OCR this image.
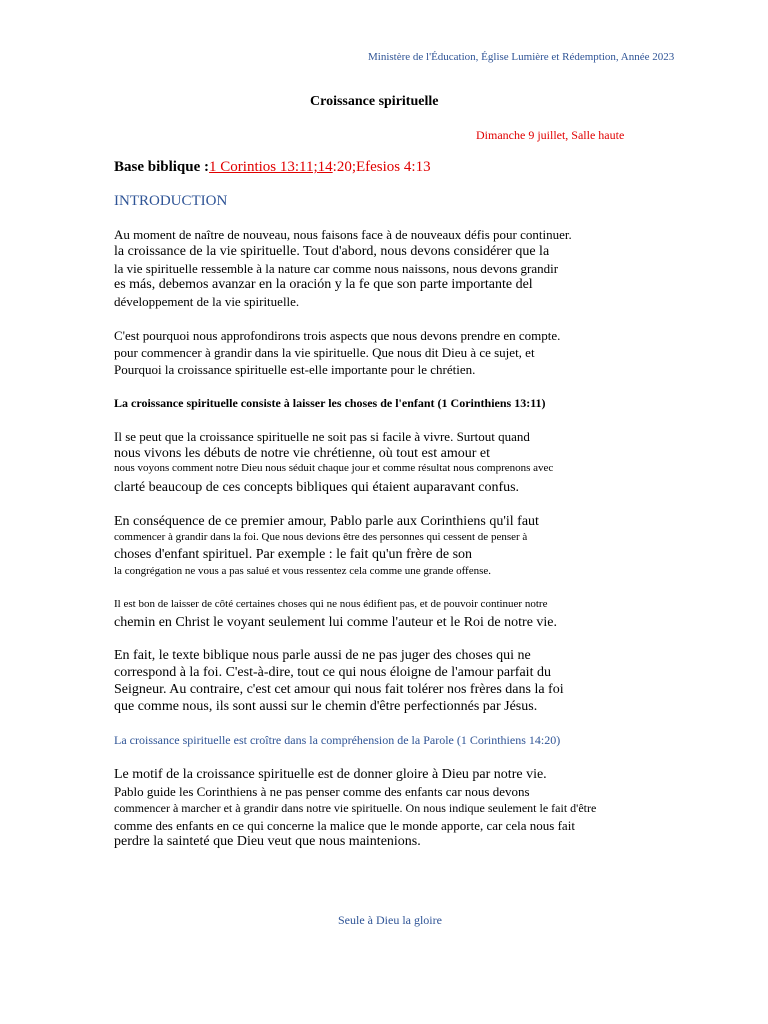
Ministère de l'Éducation, Église Lumière et Rédemption, Année 2023
Croissance spirituelle
Dimanche 9 juillet, Salle haute
Base biblique :1 Corintios 13:11;14:20;Efesios 4:13
INTRODUCTION
Au moment de naître de nouveau, nous faisons face à de nouveaux défis pour continuer.
la croissance de la vie spirituelle. Tout d'abord, nous devons considérer que la
la vie spirituelle ressemble à la nature car comme nous naissons, nous devons grandir
es más, debemos avanzar en la oración y la fe que son parte importante del
développement de la vie spirituelle.
C'est pourquoi nous approfondirons trois aspects que nous devons prendre en compte.
pour commencer à grandir dans la vie spirituelle. Que nous dit Dieu à ce sujet, et
Pourquoi la croissance spirituelle est-elle importante pour le chrétien.
La croissance spirituelle consiste à laisser les choses de l'enfant (1 Corinthiens 13:11)
Il se peut que la croissance spirituelle ne soit pas si facile à vivre. Surtout quand
nous vivons les débuts de notre vie chrétienne, où tout est amour et
nous voyons comment notre Dieu nous séduit chaque jour et comme résultat nous comprenons avec
clarté beaucoup de ces concepts bibliques qui étaient auparavant confus.
En conséquence de ce premier amour, Pablo parle aux Corinthiens qu'il faut
commencer à grandir dans la foi. Que nous devions être des personnes qui cessent de penser à
choses d'enfant spirituel. Par exemple : le fait qu'un frère de son
la congrégation ne vous a pas salué et vous ressentez cela comme une grande offense.
Il est bon de laisser de côté certaines choses qui ne nous édifient pas, et de pouvoir continuer notre
chemin en Christ le voyant seulement lui comme l'auteur et le Roi de notre vie.
En fait, le texte biblique nous parle aussi de ne pas juger des choses qui ne
correspond à la foi. C'est-à-dire, tout ce qui nous éloigne de l'amour parfait du
Seigneur. Au contraire, c'est cet amour qui nous fait tolérer nos frères dans la foi
que comme nous, ils sont aussi sur le chemin d'être perfectionnés par Jésus.
La croissance spirituelle est croître dans la compréhension de la Parole (1 Corinthiens 14:20)
Le motif de la croissance spirituelle est de donner gloire à Dieu par notre vie.
Pablo guide les Corinthiens à ne pas penser comme des enfants car nous devons
commencer à marcher et à grandir dans notre vie spirituelle. On nous indique seulement le fait d'être
comme des enfants en ce qui concerne la malice que le monde apporte, car cela nous fait
perdre la sainteté que Dieu veut que nous maintenions.
Seule à Dieu la gloire
